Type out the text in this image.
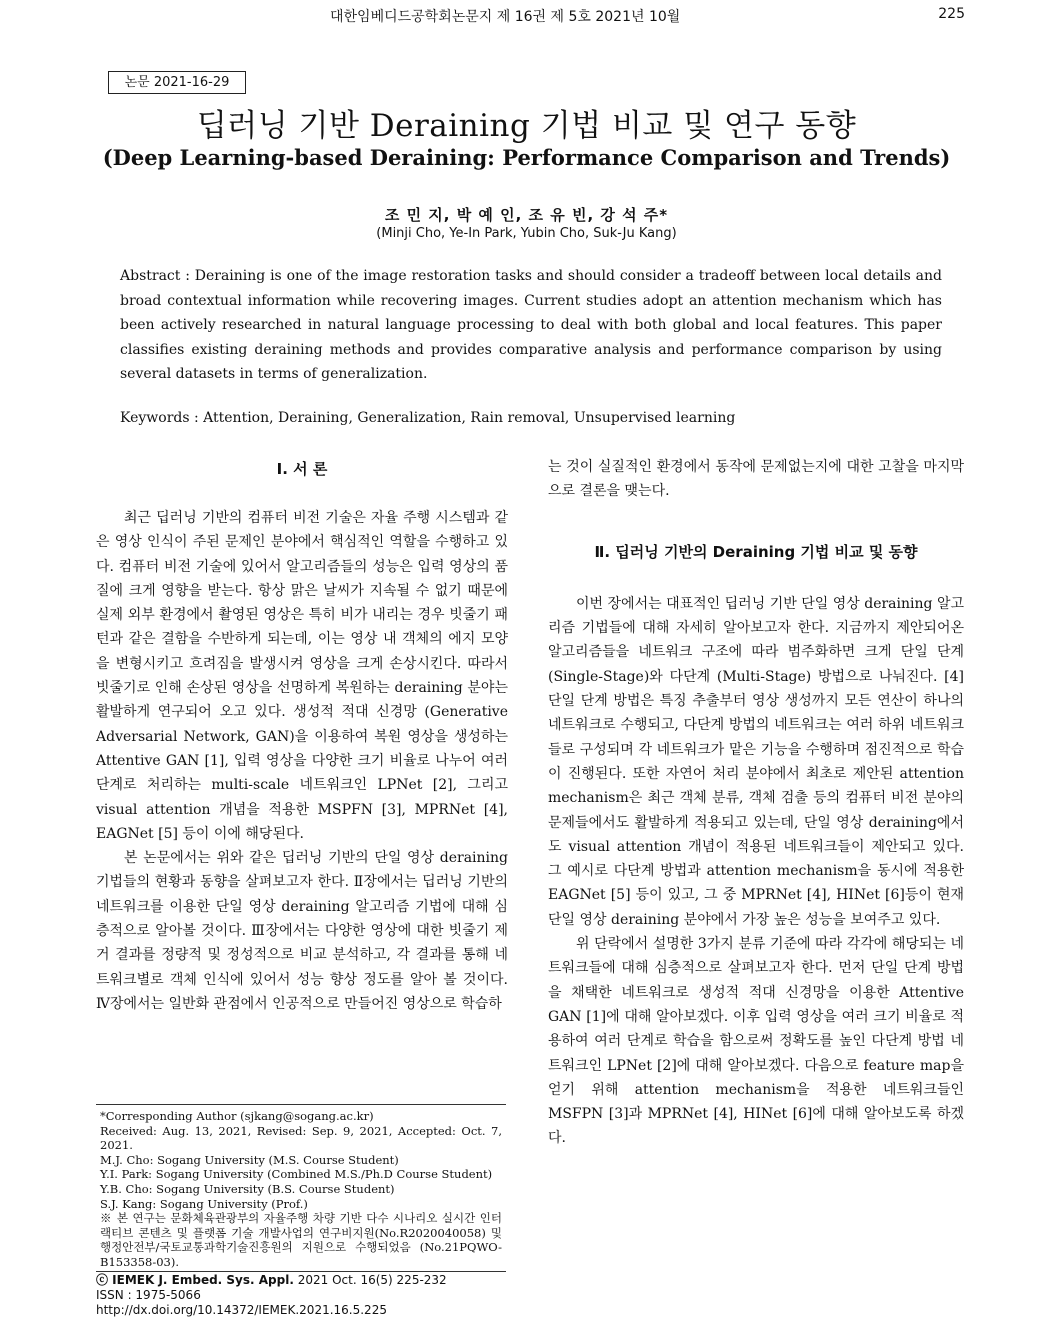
대한임베디드공학회논문지 제 16권 제 5호 2021년 10월	225
논문 2021-16-29
딥러닝 기반 Deraining 기법 비교 및 연구 동향
(Deep Learning-based Deraining: Performance Comparison and Trends)
조 민 지, 박 예 인, 조 유 빈, 강 석 주*
(Minji Cho, Ye-In Park, Yubin Cho, Suk-Ju Kang)
Abstract : Deraining is one of the image restoration tasks and should consider a tradeoff between local details and broad contextual information while recovering images. Current studies adopt an attention mechanism which has been actively researched in natural language processing to deal with both global and local features. This paper classifies existing deraining methods and provides comparative analysis and performance comparison by using several datasets in terms of generalization.
Keywords : Attention, Deraining, Generalization, Rain removal, Unsupervised learning
Ⅰ. 서 론

최근 딥러닝 기반의 컴퓨터 비전 기술은 자율 주행 시스템과 같은 영상 인식이 주된 문제인 분야에서 핵심적인 역할을 수행하고 있다. 컴퓨터 비전 기술에 있어서 알고리즘들의 성능은 입력 영상의 품질에 크게 영향을 받는다. 항상 맑은 날씨가 지속될 수 없기 때문에 실제 외부 환경에서 촬영된 영상은 특히 비가 내리는 경우 빗줄기 패턴과 같은 결함을 수반하게 되는데, 이는 영상 내 객체의 에지 모양을 변형시키고 흐려짐을 발생시켜 영상을 크게 손상시킨다. 따라서 빗줄기로 인해 손상된 영상을 선명하게 복원하는 deraining 분야는 활발하게 연구되어 오고 있다. 생성적 적대 신경망 (Generative Adversarial Network, GAN)을 이용하여 복원 영상을 생성하는 Attentive GAN [1], 입력 영상을 다양한 크기 비율로 나누어 여러 단계로 처리하는 multi-scale 네트워크인 LPNet [2], 그리고 visual attention 개념을 적용한 MSPFN [3], MPRNet [4], EAGNet [5] 등이 이에 해당된다.

본 논문에서는 위와 같은 딥러닝 기반의 단일 영상 deraining 기법들의 현황과 동향을 살펴보고자 한다. Ⅱ장에서는 딥러닝 기반의 네트워크를 이용한 단일 영상 deraining 알고리즘 기법에 대해 심층적으로 알아볼 것이다. Ⅲ장에서는 다양한 영상에 대한 빗줄기 제거 결과를 정량적 및 정성적으로 비교 분석하고, 각 결과를 통해 네트워크별로 객체 인식에 있어서 성능 향상 정도를 알아 볼 것이다. Ⅳ장에서는 일반화 관점에서 인공적으로 만들어진 영상으로 학습하

는 것이 실질적인 환경에서 동작에 문제없는지에 대한 고찰을 마지막으로 결론을 맺는다.
Ⅱ. 딥러닝 기반의 Deraining 기법 비교 및 동향

이번 장에서는 대표적인 딥러닝 기반 단일 영상 deraining 알고리즘 기법들에 대해 자세히 알아보고자 한다. 지금까지 제안되어온 알고리즘들을 네트워크 구조에 따라 범주화하면 크게 단일 단계 (Single-Stage)와 다단계 (Multi-Stage) 방법으로 나눠진다. [4] 단일 단계 방법은 특징 추출부터 영상 생성까지 모든 연산이 하나의 네트워크로 수행되고, 다단계 방법의 네트워크는 여러 하위 네트워크들로 구성되며 각 네트워크가 맡은 기능을 수행하며 점진적으로 학습이 진행된다. 또한 자연어 처리 분야에서 최초로 제안된 attention mechanism은 최근 객체 분류, 객체 검출 등의 컴퓨터 비전 분야의 문제들에서도 활발하게 적용되고 있는데, 단일 영상 deraining에서도 visual attention 개념이 적용된 네트워크들이 제안되고 있다. 그 예시로 다단계 방법과 attention mechanism을 동시에 적용한 EAGNet [5] 등이 있고, 그 중 MPRNet [4], HINet [6]등이 현재 단일 영상 deraining 분야에서 가장 높은 성능을 보여주고 있다.

위 단락에서 설명한 3가지 분류 기준에 따라 각각에 해당되는 네트워크들에 대해 심층적으로 살펴보고자 한다. 먼저 단일 단계 방법을 채택한 네트워크로 생성적 적대 신경망을 이용한 Attentive GAN [1]에 대해 알아보겠다. 이후 입력 영상을 여러 크기 비율로 적용하여 여러 단계로 학습을 함으로써 정확도를 높인 다단계 방법 네트워크인 LPNet [2]에 대해 알아보겠다. 다음으로 feature map을 얻기 위해 attention mechanism을 적용한 네트워크들인 MSFPN [3]과 MPRNet [4], HINet [6]에 대해 알아보도록 하겠다.

*Corresponding Author (sjkang@sogang.ac.kr)
Received: Aug. 13, 2021, Revised: Sep. 9, 2021, Accepted: Oct. 7, 2021.
M.J. Cho: Sogang University (M.S. Course Student)
Y.I. Park: Sogang University (Combined M.S./Ph.D Course Student)
Y.B. Cho: Sogang University (B.S. Course Student)
S.J. Kang: Sogang University (Prof.)
※ 본 연구는 문화체육관광부의 자율주행 차량 기반 다수 시나리오 실시간 인터랙티브 콘텐츠 및 플랫폼 기술 개발사업의 연구비지원(No.R2020040058) 및 행정안전부/국토교통과학기술진흥원의 지원으로 수행되었음 (No.21PQWO-B153358-03).
ⓒ IEMEK J. Embed. Sys. Appl. 2021 Oct. 16(5) 225-232
ISSN : 1975-5066
http://dx.doi.org/10.14372/IEMEK.2021.16.5.225
